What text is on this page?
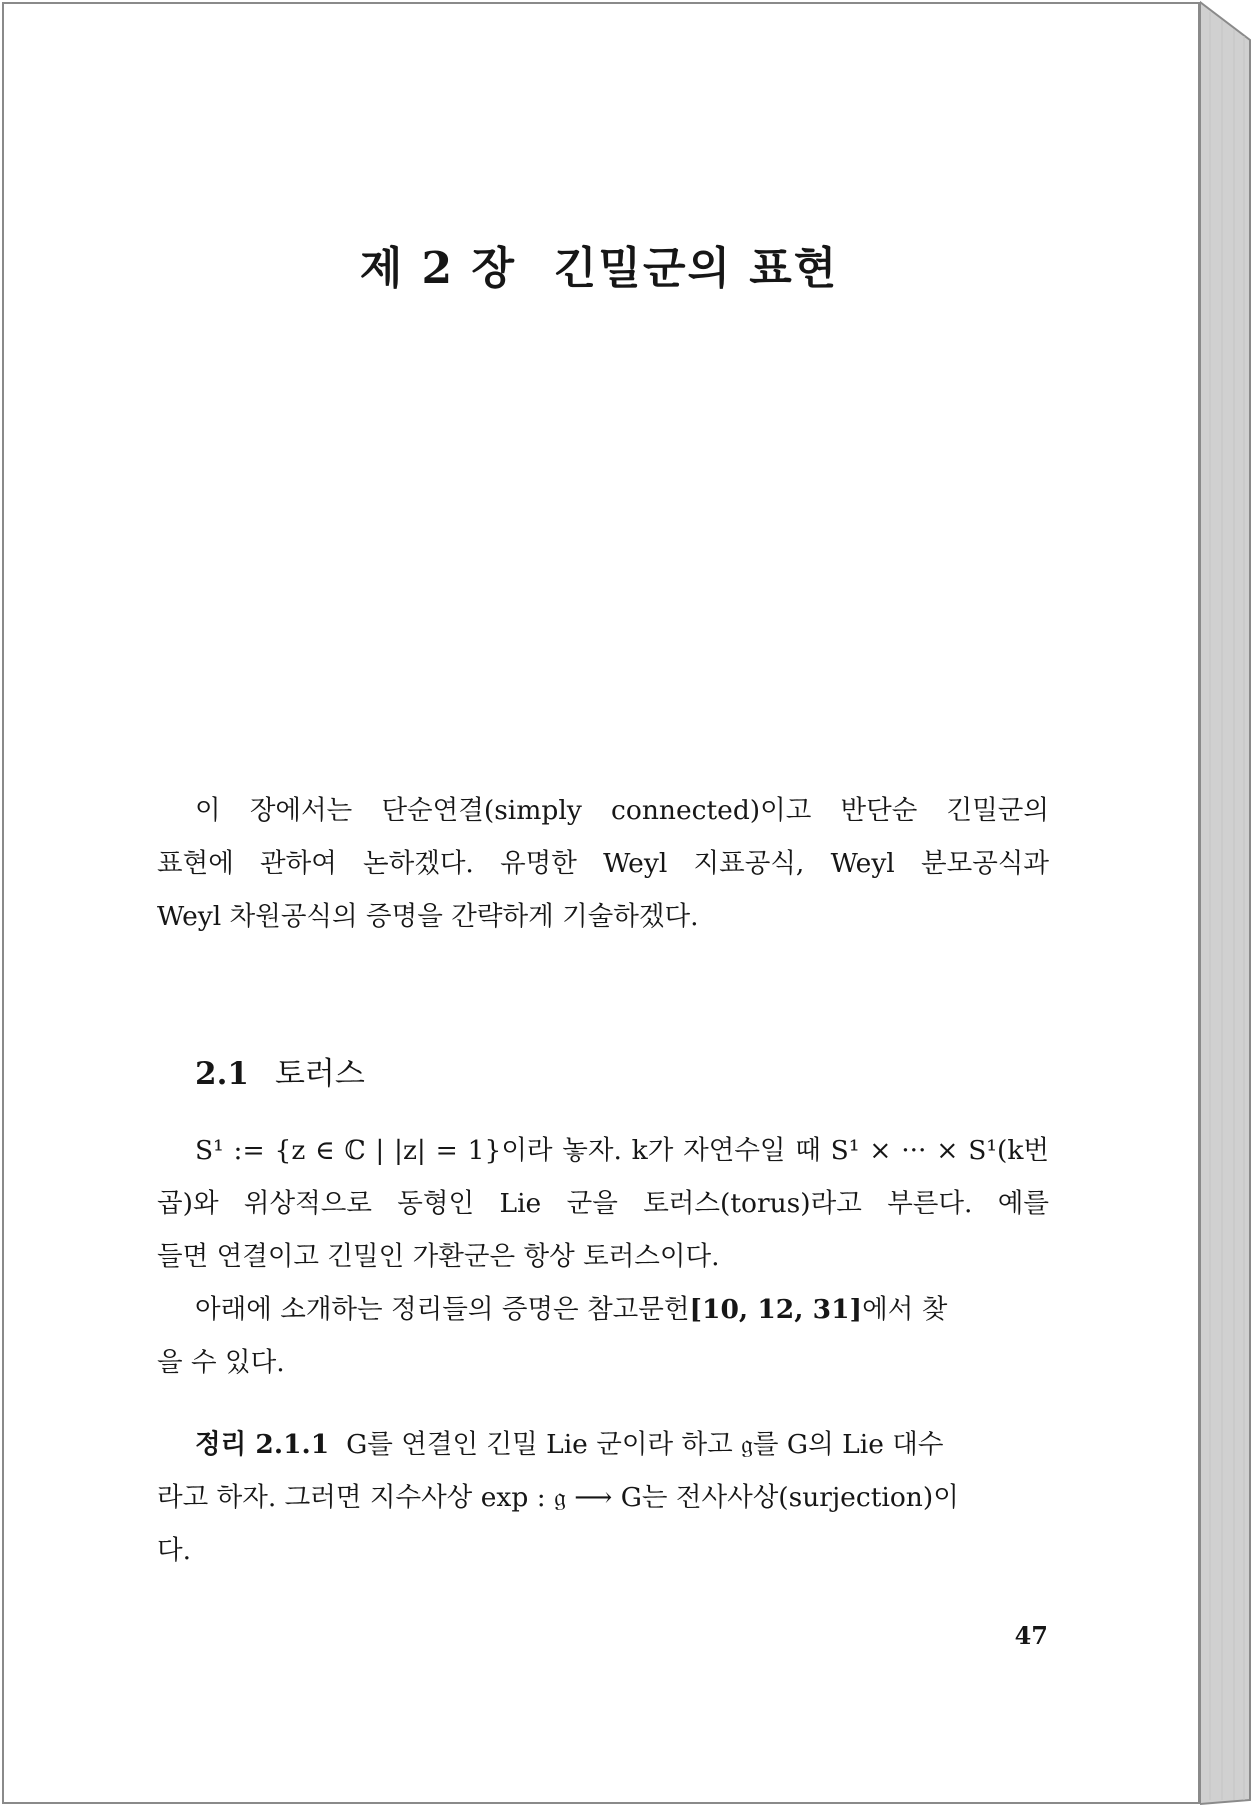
제 2 장 긴밀군의 표현

이 장에서는 단순연결(simply connected)이고 반단순 긴밀군의
표현에 관하여 논하겠다. 유명한 Weyl 지표공식, Weyl 분모공식과
Weyl 차원공식의 증명을 간략하게 기술하겠다.

2.1 토러스

S¹ := {z ∈ ℂ | |z| = 1}이라 놓자. k가 자연수일 때 S¹ × ··· × S¹(k번
곱)와 위상적으로 동형인 Lie 군을 토러스(torus)라고 부른다. 예를
들면 연결이고 긴밀인 가환군은 항상 토러스이다.
아래에 소개하는 정리들의 증명은 참고문헌[10, 12, 31]에서 찾
을 수 있다.

정리 2.1.1 G를 연결인 긴밀 Lie 군이라 하고 𝔤를 G의 Lie 대수
라고 하자. 그러면 지수사상 exp : 𝔤 ⟶ G는 전사사상(surjection)이
다.

47
